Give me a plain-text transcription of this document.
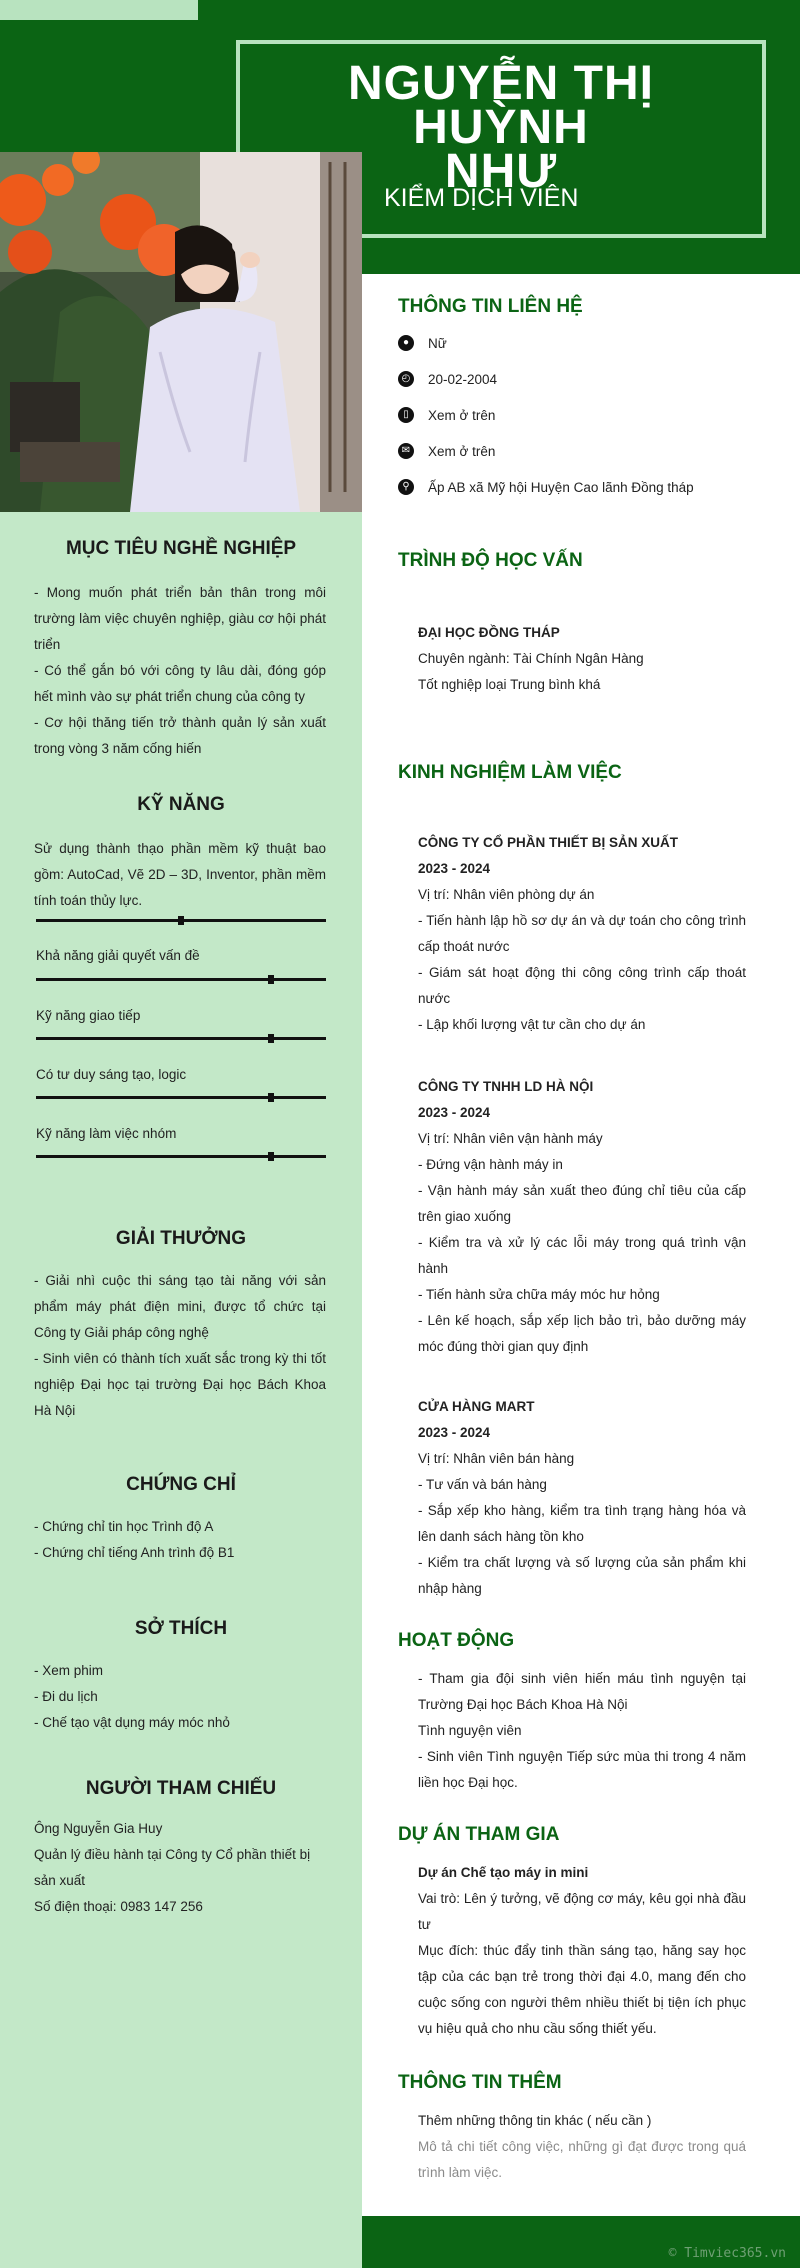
NGUYỄN THỊ HUỲNH
NHƯ
KIỂM DỊCH VIÊN
MỤC TIÊU NGHỀ NGHIỆP
- Mong muốn phát triển bản thân trong môi trường làm việc chuyên nghiệp, giàu cơ hội phát triển
- Có thể gắn bó với công ty lâu dài, đóng góp hết mình vào sự phát triển chung của công ty
- Cơ hội thăng tiến trở thành quản lý sản xuất trong vòng 3 năm cống hiến
KỸ NĂNG
Sử dụng thành thạo phần mềm kỹ thuật bao gồm: AutoCad, Vẽ 2D – 3D, Inventor, phần mềm tính toán thủy lực.
Khả năng giải quyết vấn đề
Kỹ năng giao tiếp
Có tư duy sáng tạo, logic
Kỹ năng làm việc nhóm
GIẢI THƯỞNG
- Giải nhì cuộc thi sáng tạo tài năng với sản phẩm máy phát điện mini, được tổ chức tại Công ty Giải pháp công nghệ
- Sinh viên có thành tích xuất sắc trong kỳ thi tốt nghiệp Đại học tại trường Đại học Bách Khoa Hà Nội
CHỨNG CHỈ
- Chứng chỉ tin học Trình độ A
- Chứng chỉ tiếng Anh trình độ B1
SỞ THÍCH
- Xem phim
- Đi du lịch
- Chế tạo vật dụng máy móc nhỏ
NGƯỜI THAM CHIẾU
Ông Nguyễn Gia Huy
Quản lý điều hành tại Công ty Cổ phần thiết bị sản xuất
Số điện thoại: 0983 147 256
THÔNG TIN LIÊN HỆ
●	Nữ
◴ 20-02-2004
▯	Xem ở trên
✉ Xem ở trên
⚲	Ấp AB xã Mỹ hội Huyện Cao lãnh Đồng tháp
TRÌNH ĐỘ HỌC VẤN
ĐẠI HỌC ĐỒNG THÁP
Chuyên ngành: Tài Chính Ngân Hàng
Tốt nghiệp loại Trung bình khá
KINH NGHIỆM LÀM VIỆC
CÔNG TY CỔ PHẦN THIẾT BỊ SẢN XUẤT
2023 - 2024
Vị trí: Nhân viên phòng dự án
- Tiến hành lập hồ sơ dự án và dự toán cho công trình cấp thoát nước
- Giám sát hoạt động thi công công trình cấp thoát nước
- Lập khối lượng vật tư cần cho dự án
CÔNG TY TNHH LD HÀ NỘI
2023 - 2024
Vị trí: Nhân viên vận hành máy
- Đứng vận hành máy in
- Vận hành máy sản xuất theo đúng chỉ tiêu của cấp trên giao xuống
- Kiểm tra và xử lý các lỗi máy trong quá trình vận hành
- Tiến hành sửa chữa máy móc hư hỏng
- Lên kế hoạch, sắp xếp lịch bảo trì, bảo dưỡng máy móc đúng thời gian quy định
CỬA HÀNG MART
2023 - 2024
Vị trí: Nhân viên bán hàng
- Tư vấn và bán hàng
- Sắp xếp kho hàng, kiểm tra tình trạng hàng hóa và lên danh sách hàng tồn kho
- Kiểm tra chất lượng và số lượng của sản phẩm khi nhập hàng
HOẠT ĐỘNG
- Tham gia đội sinh viên hiến máu tình nguyện tại Trường Đại học Bách Khoa Hà Nội
Tình nguyện viên
- Sinh viên Tình nguyện Tiếp sức mùa thi trong 4 năm liền học Đại học.
DỰ ÁN THAM GIA
Dự án Chế tạo máy in mini
Vai trò: Lên ý tưởng, vẽ động cơ máy, kêu gọi nhà đầu tư
Mục đích: thúc đẩy tinh thần sáng tạo, hăng say học tập của các bạn trẻ trong thời đại 4.0, mang đến cho cuộc sống con người thêm nhiều thiết bị tiện ích phục vụ hiệu quả cho nhu cầu sống thiết yếu.
THÔNG TIN THÊM
Thêm những thông tin khác ( nếu cần )
Mô tả chi tiết công việc, những gì đạt được trong quá trình làm việc.
© Timviec365.vn
